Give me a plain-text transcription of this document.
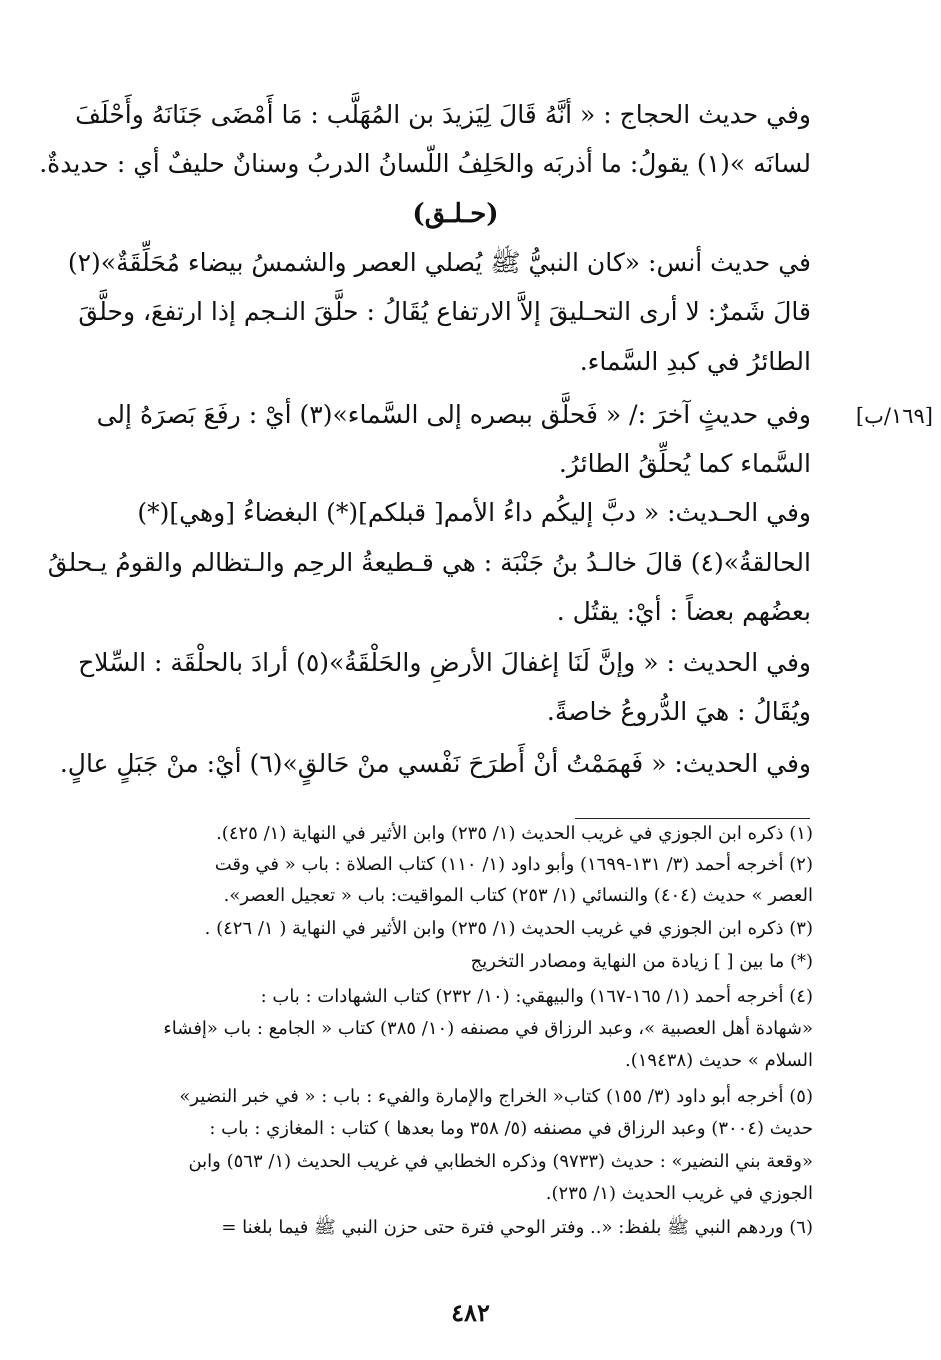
وفي حديث الحجاج : « أنَّهُ قَالَ لِيَزيدَ بن المُهَلَّب : مَا أَمْضَى جَنَانَهُ وأَحْلَفَ
لسانَه »(١) يقولُ: ما أذربَه والحَلِفُ اللّسانُ الدربُ وسنانٌ حليفٌ أي : حديدةٌ.
(حـلـق)
في حديث أنس: «كان النبيُّ ﷺ يُصلي العصر والشمسُ بيضاء مُحَلِّقَةٌ»(٢)
قالَ شَمرٌ: لا أرى التحـليقَ إلاَّ الارتفاع يُقَالُ : حلَّقَ النـجم إذا ارتفعَ، وحلَّقَ
الطائرُ في كبدِ السَّماء.
وفي حديثٍ آخرَ :/ « فَحلَّق ببصره إلى السَّماء»(٣) أيْ : رفَعَ بَصرَهُ إلى
السَّماء كما يُحلِّقُ الطائرُ.
وفي الحـديث: « دبَّ إليكُم داءُ الأمم[ قبلكم](*) البغضاءُ [وهي](*)
الحالقةُ»(٤) قالَ خالـدُ بنُ جَنْبَة : هي قـطيعةُ الرحِم والـتظالم والقومُ يـحلقُ
بعضُهم بعضاً : أيْ: يقتُل .
وفي الحديث : « وإنَّ لَنَا إغفالَ الأرضِ والحَلْقَةُ»(٥) أرادَ بالحلْقَة : السِّلاح
ويُقَالُ : هيَ الدُّروعُ خاصةً.
وفي الحديث: « فَهمَمْتُ أنْ أَطرَحَ نَفْسي منْ حَالقٍ»(٦) أيْ: منْ جَبَلٍ عالٍ.
[١٦٩/ب]
(١) ذكره ابن الجوزي في غريب الحديث (١/ ٢٣٥) وابن الأثير في النهاية (١/ ٤٢٥).
(٢) أخرجه أحمد (٣/ ١٣١-١٦٩٩) وأبو داود (١/ ١١٠) كتاب الصلاة : باب « في وقت
العصر » حديث (٤٠٤) والنسائي (١/ ٢٥٣) كتاب المواقيت: باب « تعجيل العصر».
(٣) ذكره ابن الجوزي في غريب الحديث (١/ ٢٣٥) وابن الأثير في النهاية ( ١/ ٤٢٦) .
(*) ما بين [ ] زيادة من النهاية ومصادر التخريج
(٤) أخرجه أحمد (١/ ١٦٥-١٦٧) والبيهقي: (١٠/ ٢٣٢) كتاب الشهادات : باب :
«شهادة أهل العصبية »، وعبد الرزاق في مصنفه (١٠/ ٣٨٥) كتاب « الجامع : باب «إفشاء
السلام » حديث (١٩٤٣٨).
(٥) أخرجه أبو داود (٣/ ١٥٥) كتاب« الخراج والإمارة والفيء : باب : « في خبر النضير»
حديث (٣٠٠٤) وعبد الرزاق في مصنفه (٥/ ٣٥٨ وما بعدها ) كتاب : المغازي : باب :
«وقعة بني النضير» : حديث (٩٧٣٣) وذكره الخطابي في غريب الحديث (١/ ٥٦٣) وابن
الجوزي في غريب الحديث (١/ ٢٣٥).
(٦) وردهم النبي ﷺ بلفظ: «.. وفتر الوحي فترة حتى حزن النبي ﷺ فيما بلغنا =
٤٨٢
